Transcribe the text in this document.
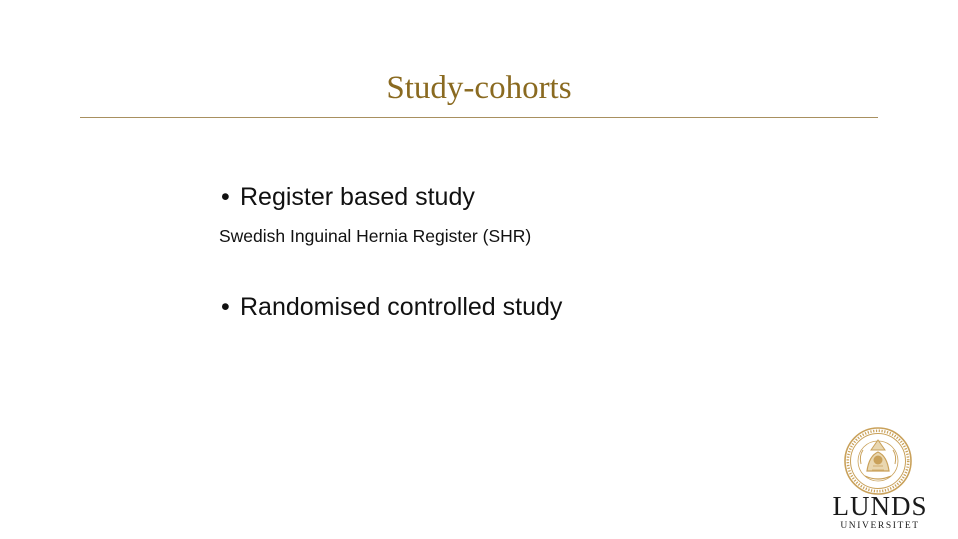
Study-cohorts
• Register based study
Swedish Inguinal Hernia Register (SHR)
• Randomised controlled study
LUNDS
UNIVERSITET
